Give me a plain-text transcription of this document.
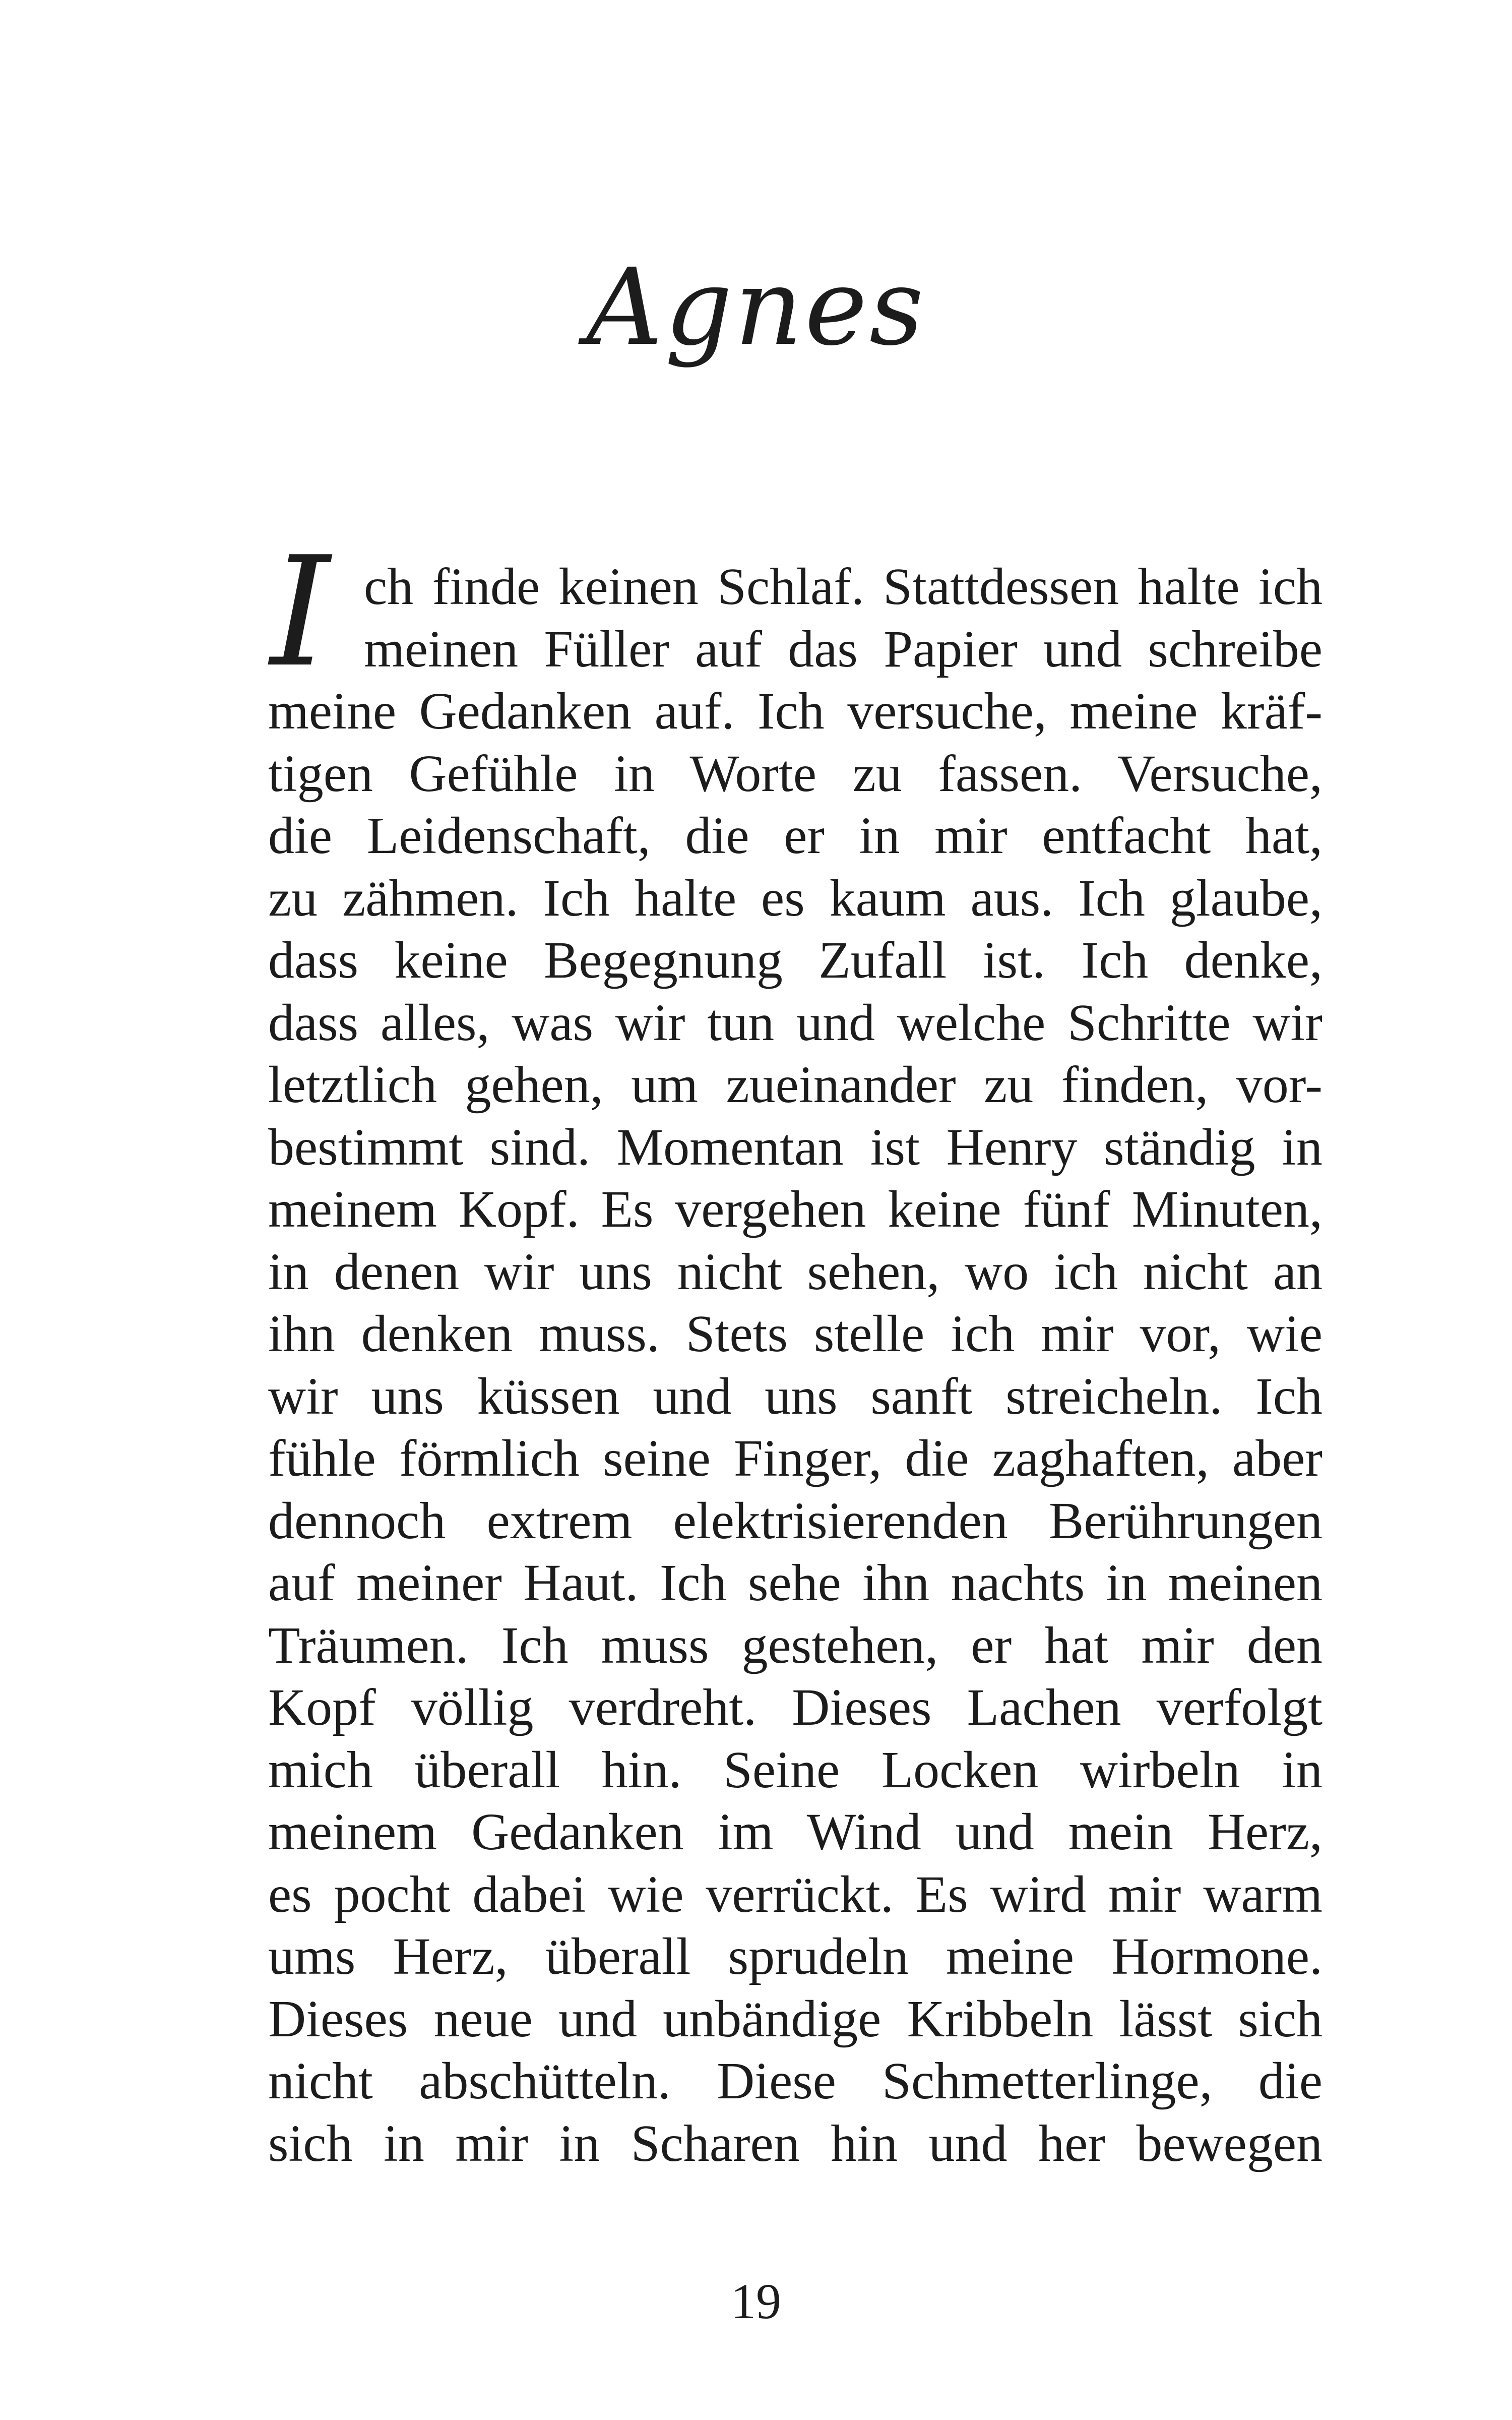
Agnes
I ch finde keinen Schlaf. Stattdessen halte ich
meinen Füller auf das Papier und schreibe
meine Gedanken auf. Ich versuche, meine kräf-
tigen Gefühle in Worte zu fassen. Versuche,
die Leidenschaft, die er in mir entfacht hat,
zu zähmen. Ich halte es kaum aus. Ich glaube,
dass keine Begegnung Zufall ist. Ich denke,
dass alles, was wir tun und welche Schritte wir
letztlich gehen, um zueinander zu finden, vor-
bestimmt sind. Momentan ist Henry ständig in
meinem Kopf. Es vergehen keine fünf Minuten,
in denen wir uns nicht sehen, wo ich nicht an
ihn denken muss. Stets stelle ich mir vor, wie
wir uns küssen und uns sanft streicheln. Ich
fühle förmlich seine Finger, die zaghaften, aber
dennoch extrem elektrisierenden Berührungen
auf meiner Haut. Ich sehe ihn nachts in meinen
Träumen. Ich muss gestehen, er hat mir den
Kopf völlig verdreht. Dieses Lachen verfolgt
mich überall hin. Seine Locken wirbeln in
meinem Gedanken im Wind und mein Herz,
es pocht dabei wie verrückt. Es wird mir warm
ums Herz, überall sprudeln meine Hormone.
Dieses neue und unbändige Kribbeln lässt sich
nicht abschütteln. Diese Schmetterlinge, die
sich in mir in Scharen hin und her bewegen
19
